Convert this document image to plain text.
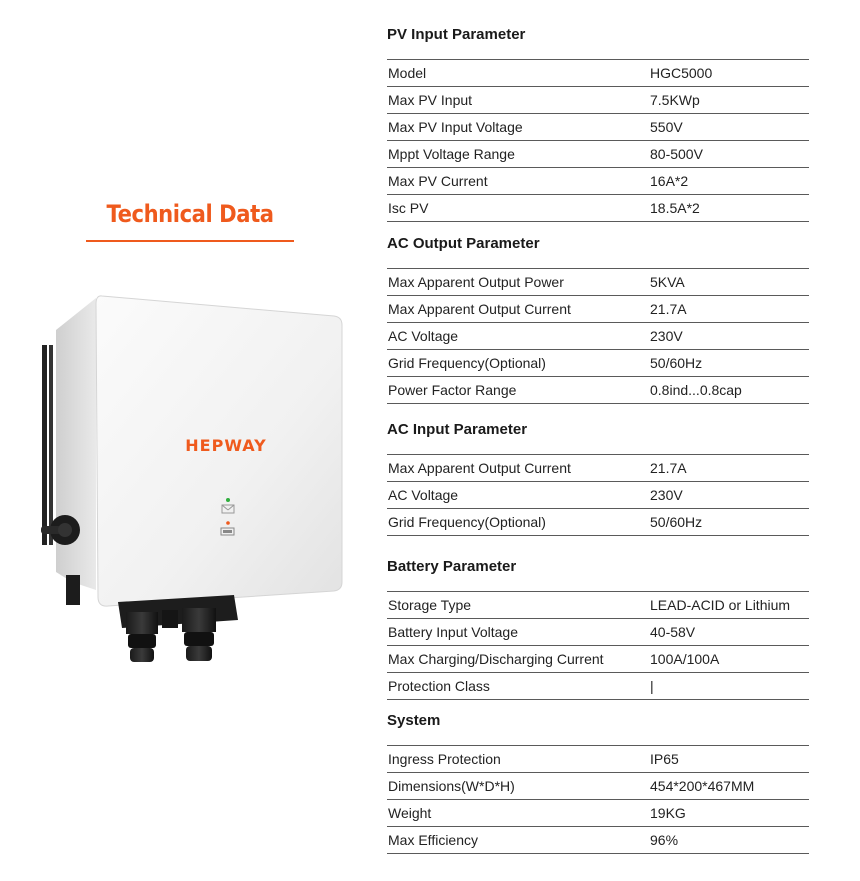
Technical Data
HEPWAY
PV Input Parameter
Model	HGC5000
Max PV Input	7.5KWp
Max PV Input Voltage	550V
Mppt Voltage Range	80-500V
Max PV Current	16A*2
Isc PV	18.5A*2
AC Output Parameter
Max Apparent Output Power	5KVA
Max Apparent Output Current	21.7A
AC Voltage	230V
Grid Frequency(Optional)	50/60Hz
Power Factor Range	0.8ind...0.8cap
AC Input Parameter
Max Apparent Output Current	21.7A
AC Voltage	230V
Grid Frequency(Optional)	50/60Hz
Battery Parameter
Storage Type	LEAD-ACID or Lithium
Battery Input Voltage	40-58V
Max Charging/Discharging Current	100A/100A
Protection Class	|
System
Ingress Protection	IP65
Dimensions(W*D*H)	454*200*467MM
Weight	19KG
Max Efficiency	96%
